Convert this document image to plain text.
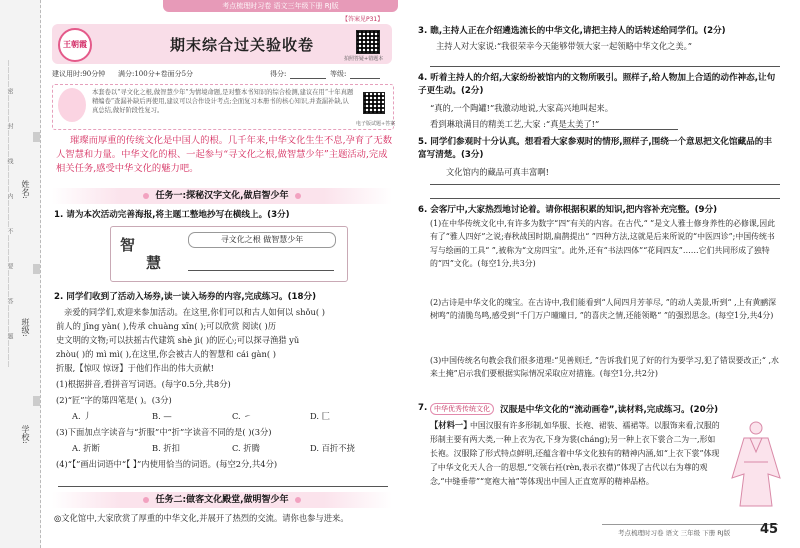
姓名:
班级:
学校:
…………密…………封…………线…………内…………不…………要…………答…………题…………
考点梳理时习卷 语文三年级下册 RJ版
【答案见P31】
王朝霞	期末综合过关验收卷
拍照答疑+错题本
建议用时:90分钟 满分:100分+卷面分5分	得分:	等级:
本套卷以“寻文化之根,做智慧少年”为情境命题,是对整本书知识的综合检测,建议在用“十年真题精编卷”查漏补缺后再使用,建议可以合作设计考点;全面复习本册书的核心知识,并查漏补缺,认真总结,做好阶段性复习。
电子版试题+答案
璀璨而厚重的传统文化是中国人的根。几千年来,中华文化生生不息,孕育了无数人智慧和力量。中华文化的根、一起参与“寻文化之根,做智慧少年”主题活动,完成相关任务,感受中华文化的魅力吧。
任务一:探秘汉字文化,做启智少年
1. 请为本次活动完善海报,将主题工整地抄写在横线上。(3分)
智
慧
寻文化之根 做智慧少年
2. 同学们收到了活动入场券,读一读入场券的内容,完成练习。(18分)
亲爱的同学们,欢迎来参加活动。在这里,你们可以和古人如何以 shǒu( )
前人的 jīng yàn( ),传承 chuàng xīn( );可以欣赏 阅读( )历
史文明的文物;可以扶摇古代建筑 shè jì( )的匠心;可以探寻渔猎 yǔ
zhòu( )的 mì mì( ),在这里,你会被古人的智慧和 cái gàn( )
折服,【惊叹 惊讶】于他们作出的伟大贡献!
(1)根据拼音,看拼音写词语。(每字0.5分,共8分)
(2)“匠”字的第四笔是( )。(3分)
A. 丿	B. —	C. ㇀	D. 匚
(3)下面加点字读音与“折服”中“折”字读音不同的是( )(3分)
A. 折断	B. 折扣	C. 折腾	D. 百折不挠
(4)“【”画出词语中“【 】”内使用恰当的词语。(每空2分,共4分)
任务二:做客文化殿堂,做明智少年
◎文化馆中,大家欣赏了厚重的中华文化,并展开了热烈的交流。请你也参与进来。
3. 瞧,主持人正在介绍遴选流长的中华文化,请把主持人的话转述给同学们。(2分)
主持人对大家说:“我很荣幸今天能够带领大家一起领略中华文化之美。”
4. 听着主持人的介绍,大家纷纷被馆内的文物所吸引。照样子,给人物加上合适的动作神态,让句子更生动。(2分)
“真的,一个陶罐!”我激动地说,大家高兴地叫起来。
看到琳琅满目的精美工艺,大家 :“真是太美了!”
5. 同学们参观时十分认真。想看看大家参观时的情形,照样子,围绕一个意思把文化馆藏品的丰富写清楚。(3分)
文化馆内的藏品可真丰富啊!
6. 会客厅中,大家热烈地讨论着。请你根据积累的知识,把内容补充完整。(9分)
(1)在中华传统文化中,有许多为数字“四”有关的内容。在古代,“ ”是文人雅士修身养性的必修课,因此有了“雅人四好”之说;春秋战国时期,扁鹊提出“ ”四种方法,这就是后来所说的“中医四诊”;中国传统书写与绘画的工具“ ”,被称为“文房四宝”。此外,还有“书法四体”“花间四友”……它们共同形成了独特的“四”文化。(每空1分,共3分)
(2)古诗是中华文化的瑰宝。在古诗中,我们能看到“人间四月芳菲尽, ”的动人美景,听到“ ,上有黄鹂深树鸣”的清脆鸟鸣,感受到“千门万户曈曈日, ”的喜庆之情,还能领略“ ”的强烈思念。(每空1分,共4分)
(3)中国传统名句教会我们很多道理:“见善则迁, ”告诉我们见了好的行为要学习,犯了错误要改正;“ ,水来土掩”启示我们要根据实际情况采取应对措施。(每空1分,共2分)
7. 中华优秀传统文化	汉服是中华文化的“流动画卷”,读材料,完成练习。(20分)
【材料一】
中国汉服有许多形制,如华服、长袍、裙装、襦裙等。以服饰来看,汉服的形制主要有两大类,一种上衣为衣,下身为裳(cháng);另一种上衣下裳合二为一,形如长袍。汉服除了形式特点鲜明,还蕴含着中华文化独有的精神内涵,如“上衣下裳”体现了中华文化天人合一的思想,“交领右衽(rèn,表示衣襟)”体现了古代以右为尊的观念,“中缝垂带”“宽袍大袖”等体现出中国人正直宽厚的精神品格。
考点梳理时习卷 语文 三年级 下册 RJ版 45
